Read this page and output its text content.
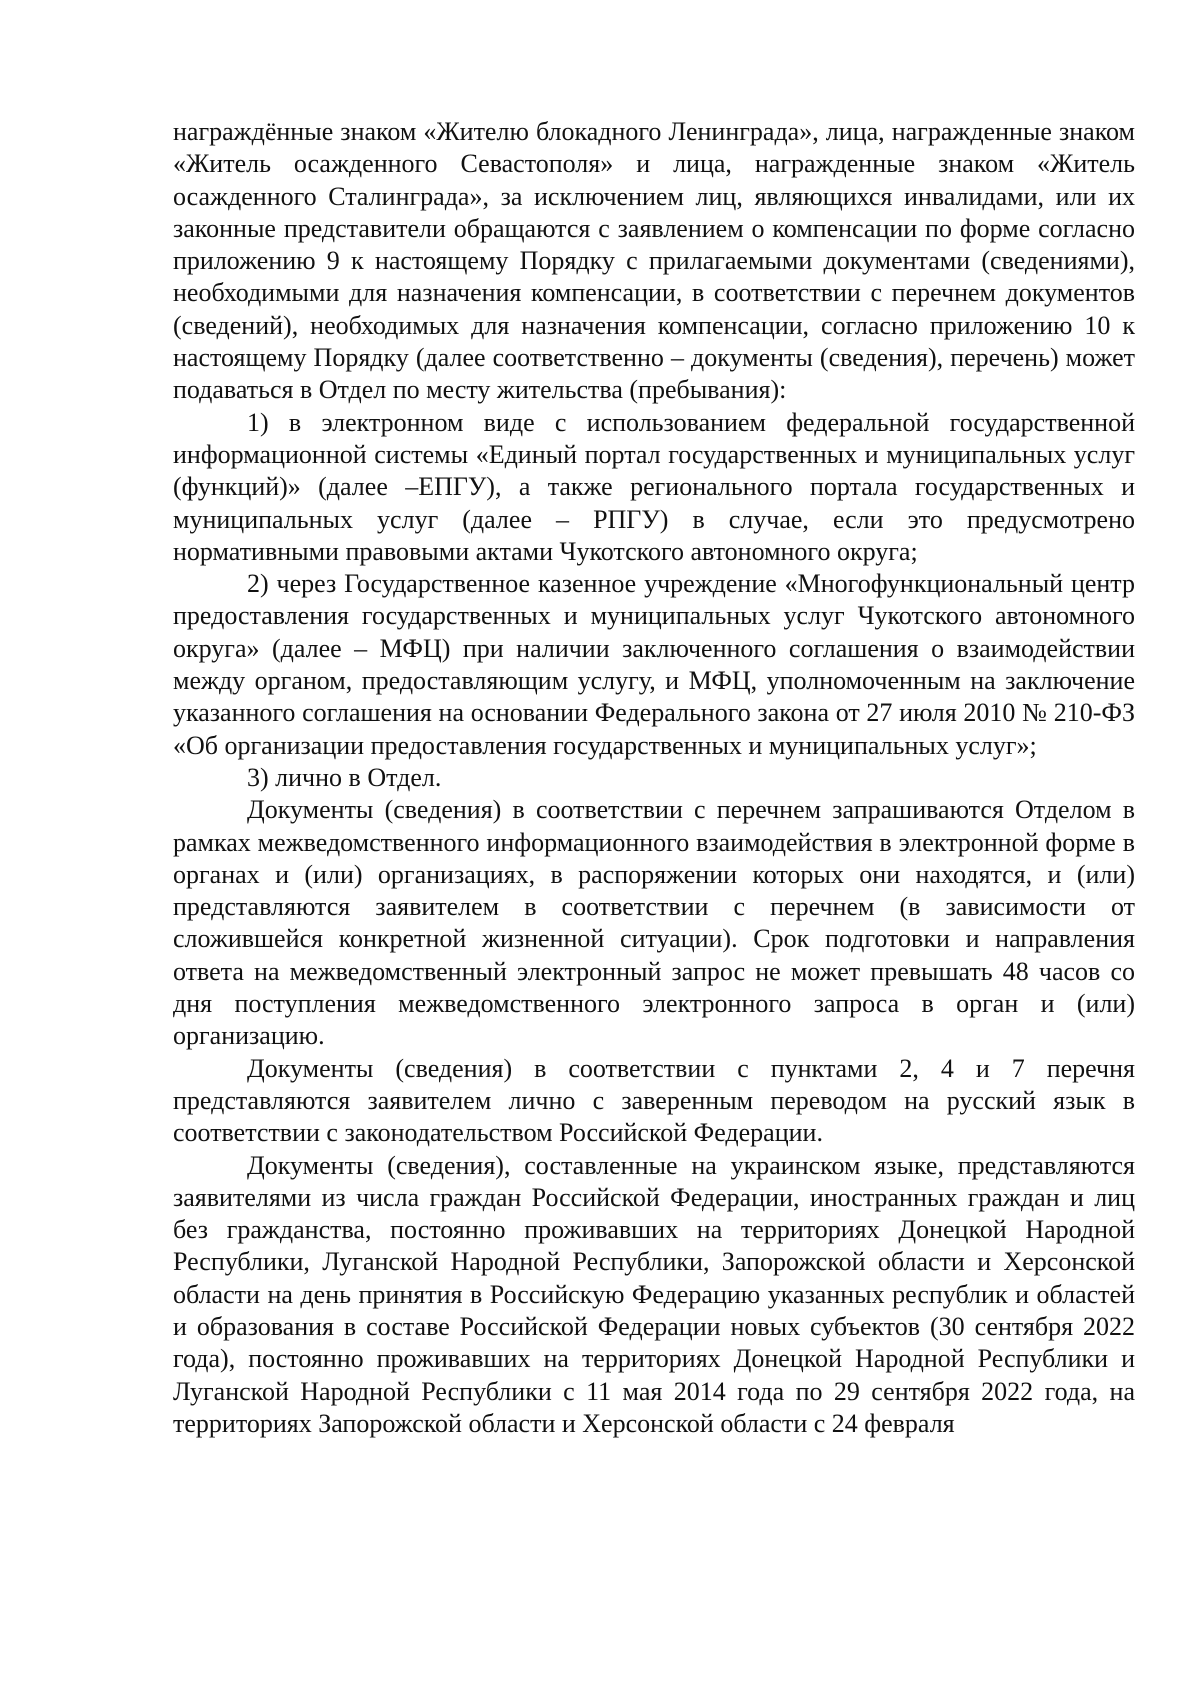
награждённые знаком «Жителю блокадного Ленинграда», лица, награжденные знаком «Житель осажденного Севастополя» и лица, награжденные знаком «Житель осажденного Сталинграда», за исключением лиц, являющихся инвалидами, или их законные представители обращаются с заявлением о компенсации по форме согласно приложению 9 к настоящему Порядку с прилагаемыми документами (сведениями), необходимыми для назначения компенсации, в соответствии с перечнем документов (сведений), необходимых для назначения компенсации, согласно приложению 10 к настоящему Порядку (далее соответственно – документы (сведения), перечень) может подаваться в Отдел по месту жительства (пребывания):

1) в электронном виде с использованием федеральной государственной информационной системы «Единый портал государственных и муниципальных услуг (функций)» (далее –ЕПГУ), а также регионального портала государственных и муниципальных услуг (далее – РПГУ) в случае, если это предусмотрено нормативными правовыми актами Чукотского автономного округа;

2) через Государственное казенное учреждение «Многофункциональный центр предоставления государственных и муниципальных услуг Чукотского автономного округа» (далее – МФЦ) при наличии заключенного соглашения о взаимодействии между органом, предоставляющим услугу, и МФЦ, уполномоченным на заключение указанного соглашения на основании Федерального закона от 27 июля 2010 № 210-ФЗ «Об организации предоставления государственных и муниципальных услуг»;

3) лично в Отдел.

Документы (сведения) в соответствии с перечнем запрашиваются Отделом в рамках межведомственного информационного взаимодействия в электронной форме в органах и (или) организациях, в распоряжении которых они находятся, и (или) представляются заявителем в соответствии с перечнем (в зависимости от сложившейся конкретной жизненной ситуации). Срок подготовки и направления ответа на межведомственный электронный запрос не может превышать 48 часов со дня поступления межведомственного электронного запроса в орган и (или) организацию.

Документы (сведения) в соответствии с пунктами 2, 4 и 7 перечня представляются заявителем лично с заверенным переводом на русский язык в соответствии с законодательством Российской Федерации.

Документы (сведения), составленные на украинском языке, представляются заявителями из числа граждан Российской Федерации, иностранных граждан и лиц без гражданства, постоянно проживавших на территориях Донецкой Народной Республики, Луганской Народной Республики, Запорожской области и Херсонской области на день принятия в Российскую Федерацию указанных республик и областей и образования в составе Российской Федерации новых субъектов (30 сентября 2022 года), постоянно проживавших на территориях Донецкой Народной Республики и Луганской Народной Республики с 11 мая 2014 года по 29 сентября 2022 года, на территориях Запорожской области и Херсонской области с 24 февраля
